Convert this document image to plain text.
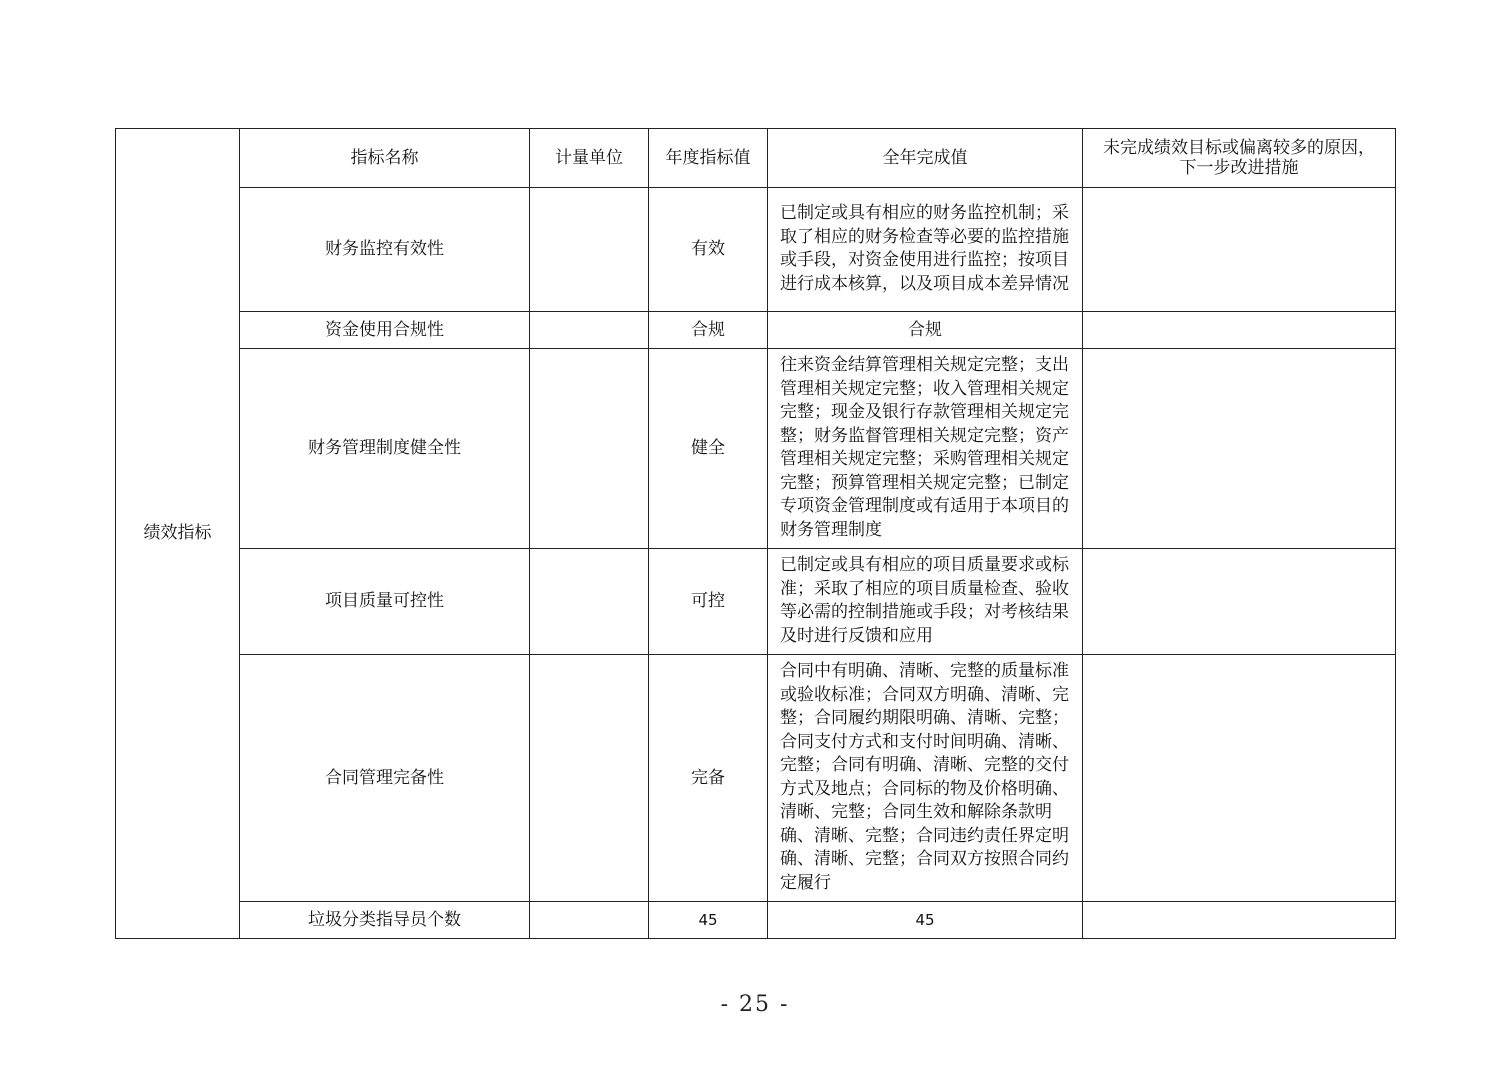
绩效指标	指标名称	计量单位	年度指标值	全年完成值	未完成绩效目标或偏离较多的原因，
下一步改进措施

	财务监控有效性		有效	已制定或具有相应的财务监控机制；采取了相应的财务检查等必要的监控措施或手段，对资金使用进行监控；按项目进行成本核算，以及项目成本差异情况	
	资金使用合规性		合规	合规	
	财务管理制度健全性		健全	往来资金结算管理相关规定完整；支出管理相关规定完整；收入管理相关规定完整；现金及银行存款管理相关规定完整；财务监督管理相关规定完整；资产管理相关规定完整；采购管理相关规定完整；预算管理相关规定完整；已制定专项资金管理制度或有适用于本项目的财务管理制度	
	项目质量可控性		可控	已制定或具有相应的项目质量要求或标准；采取了相应的项目质量检查、验收等必需的控制措施或手段；对考核结果及时进行反馈和应用	
	合同管理完备性		完备	合同中有明确、清晰、完整的质量标准或验收标准；合同双方明确、清晰、完整；合同履约期限明确、清晰、完整；合同支付方式和支付时间明确、清晰、完整；合同有明确、清晰、完整的交付方式及地点；合同标的物及价格明确、清晰、完整；合同生效和解除条款明确、清晰、完整；合同违约责任界定明确、清晰、完整；合同双方按照合同约定履行	
	垃圾分类指导员个数		45	45	
- 25 -
